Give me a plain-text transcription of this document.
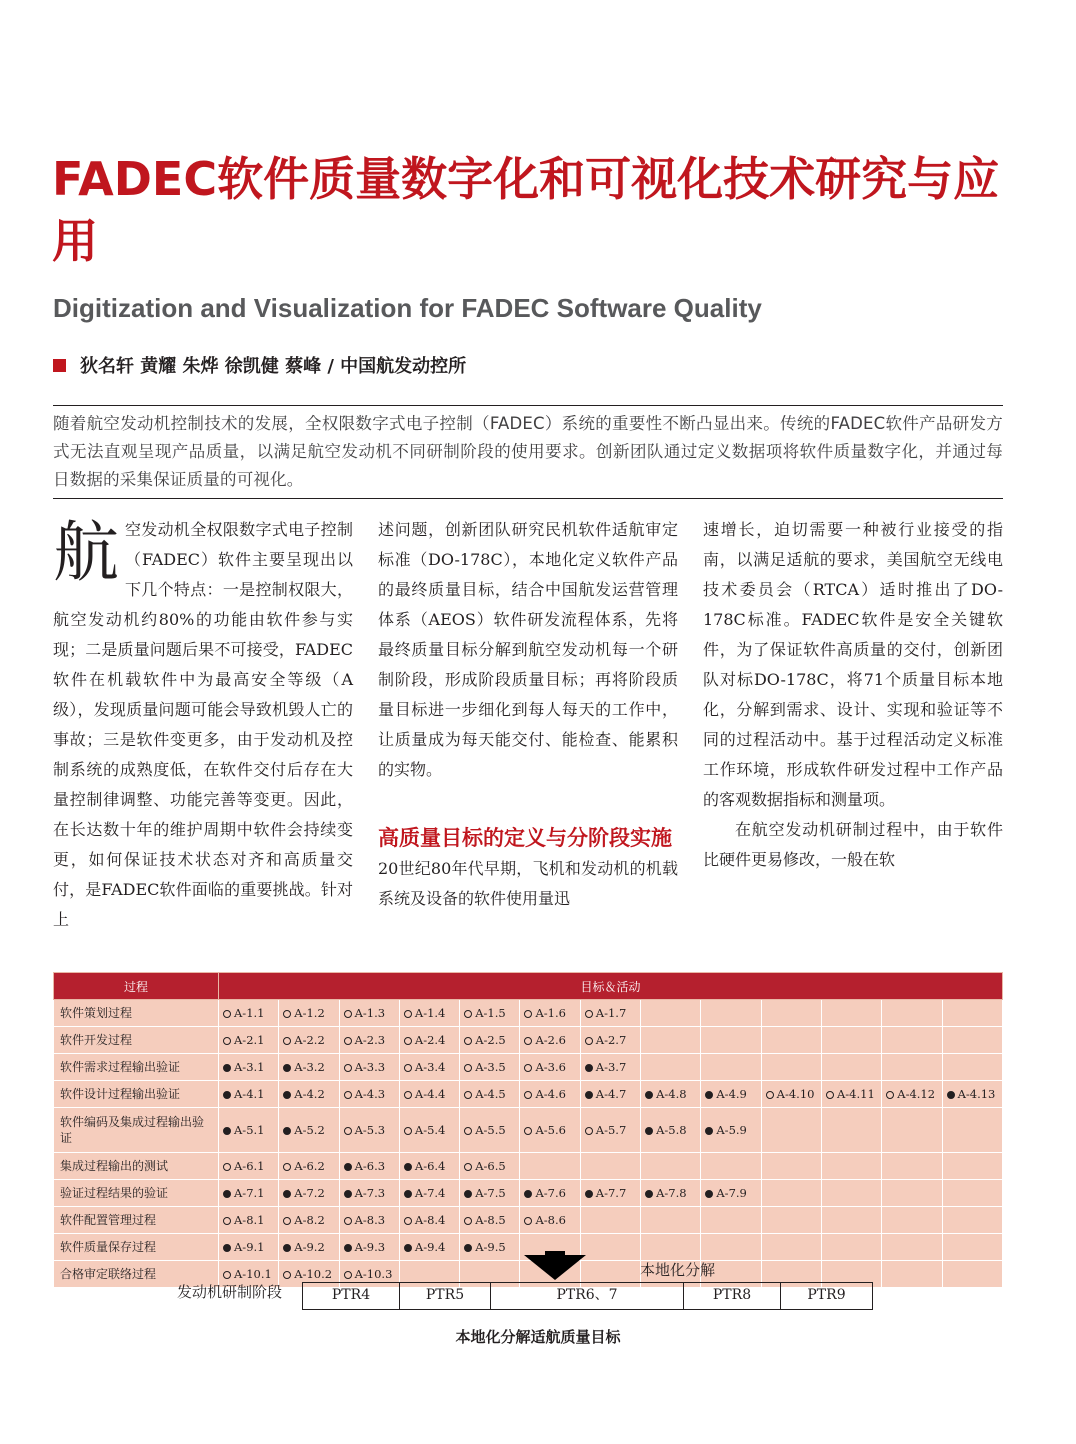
FADEC软件质量数字化和可视化技术研究与应用

Digitization and Visualization for FADEC Software Quality

狄名轩 黄耀 朱烨 徐凯健 蔡峰 / 中国航发动控所
随着航空发动机控制技术的发展，全权限数字式电子控制（FADEC）系统的重要性不断凸显出来。传统的FADEC软件产品研发方式无法直观呈现产品质量，以满足航空发动机不同研制阶段的使用要求。创新团队通过定义数据项将软件质量数字化，并通过每日数据的采集保证质量的可视化。

航空发动机全权限数字式电子控制（FADEC）软件主要呈现出以下几个特点：一是控制权限大，航空发动机约80%的功能由软件参与实现；二是质量问题后果不可接受，FADEC软件在机载软件中为最高安全等级（A级），发现质量问题可能会导致机毁人亡的事故；三是软件变更多，由于发动机及控制系统的成熟度低，在软件交付后存在大量控制律调整、功能完善等变更。因此，在长达数十年的维护周期中软件会持续变更，如何保证技术状态对齐和高质量交付，是FADEC软件面临的重要挑战。针对上

述问题，创新团队研究民机软件适航审定标准（DO-178C），本地化定义软件产品的最终质量目标，结合中国航发运营管理体系（AEOS）软件研发流程体系，先将最终质量目标分解到航空发动机每一个研制阶段，形成阶段质量目标；再将阶段质量目标进一步细化到每人每天的工作中，让质量成为每天能交付、能检查、能累积的实物。

高质量目标的定义与分阶段实施

20世纪80年代早期，飞机和发动机的机载系统及设备的软件使用量迅

速增长，迫切需要一种被行业接受的指南，以满足适航的要求，美国航空无线电技术委员会（RTCA）适时推出了DO-178C标准。FADEC软件是安全关键软件，为了保证软件高质量的交付，创新团队对标DO-178C，将71个质量目标本地化，分解到需求、设计、实现和验证等不同的过程活动中。基于过程活动定义标准工作环境，形成软件研发过程中工作产品的客观数据指标和测量项。

在航空发动机研制过程中，由于软件比硬件更易修改，一般在软

过程	目标＆活动												
软件策划过程	A-1.1	A-1.2	A-1.3	A-1.4	A-1.5	A-1.6	A-1.7						
软件开发过程	A-2.1	A-2.2	A-2.3	A-2.4	A-2.5	A-2.6	A-2.7						
软件需求过程输出验证	A-3.1	A-3.2	A-3.3	A-3.4	A-3.5	A-3.6	A-3.7						
软件设计过程输出验证	A-4.1	A-4.2	A-4.3	A-4.4	A-4.5	A-4.6	A-4.7	A-4.8	A-4.9	A-4.10	A-4.11	A-4.12	A-4.13
软件编码及集成过程输出验证	A-5.1	A-5.2	A-5.3	A-5.4	A-5.5	A-5.6	A-5.7	A-5.8	A-5.9				
集成过程输出的测试	A-6.1	A-6.2	A-6.3	A-6.4	A-6.5								
验证过程结果的验证	A-7.1	A-7.2	A-7.3	A-7.4	A-7.5	A-7.6	A-7.7	A-7.8	A-7.9				
软件配置管理过程	A-8.1	A-8.2	A-8.3	A-8.4	A-8.5	A-8.6							
软件质量保存过程	A-9.1	A-9.2	A-9.3	A-9.4	A-9.5								
合格审定联络过程	A-10.1	A-10.2	A-10.3											本地化分解
发动机研制阶段	PTR4	PTR5	PTR6、7	PTR8	PTR9
本地化分解适航质量目标
